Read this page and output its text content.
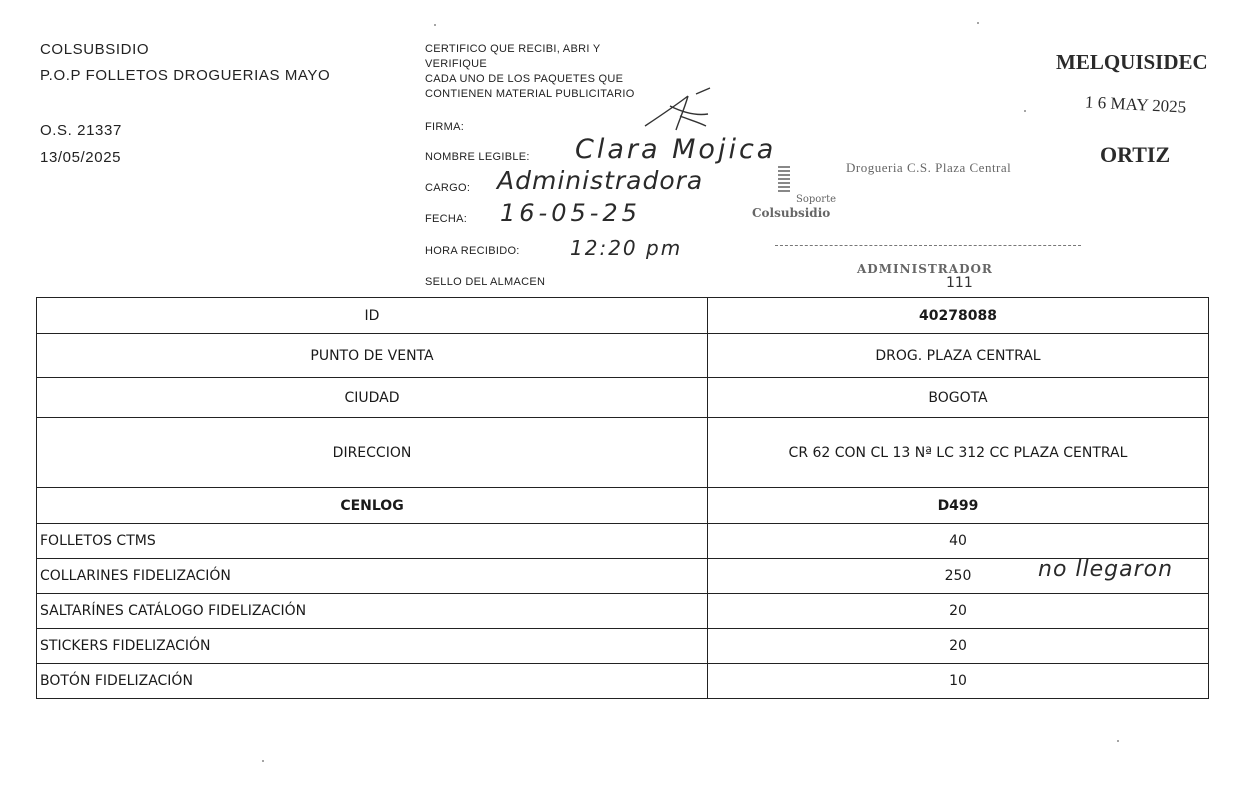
COLSUBSIDIO
P.O.P FOLLETOS DROGUERIAS MAYO
O.S. 21337
13/05/2025
CERTIFICO QUE RECIBI, ABRI Y
VERIFIQUE
CADA UNO DE LOS PAQUETES QUE
CONTIENEN MATERIAL PUBLICITARIO
FIRMA:
NOMBRE LEGIBLE: Clara Mojica
CARGO: Administradora
FECHA: 16-05-25
HORA RECIBIDO:	12:20 pm
SELLO DEL ALMACEN
MELQUISIDEC
1 6 MAY 2025
ORTIZ
Drogueria C.S. Plaza Central
Soporte
Colsubsidio
ADMINISTRADOR
111
ID	40278088
PUNTO DE VENTA	DROG. PLAZA CENTRAL
CIUDAD	BOGOTA
DIRECCION	CR 62 CON CL 13 Nª LC 312 CC PLAZA CENTRAL
CENLOG	D499
FOLLETOS CTMS	40
COLLARINES FIDELIZACIÓN	250 no llegaron

SALTARÍNES CATÁLOGO FIDELIZACIÓN	20
STICKERS FIDELIZACIÓN	20
BOTÓN FIDELIZACIÓN	10
